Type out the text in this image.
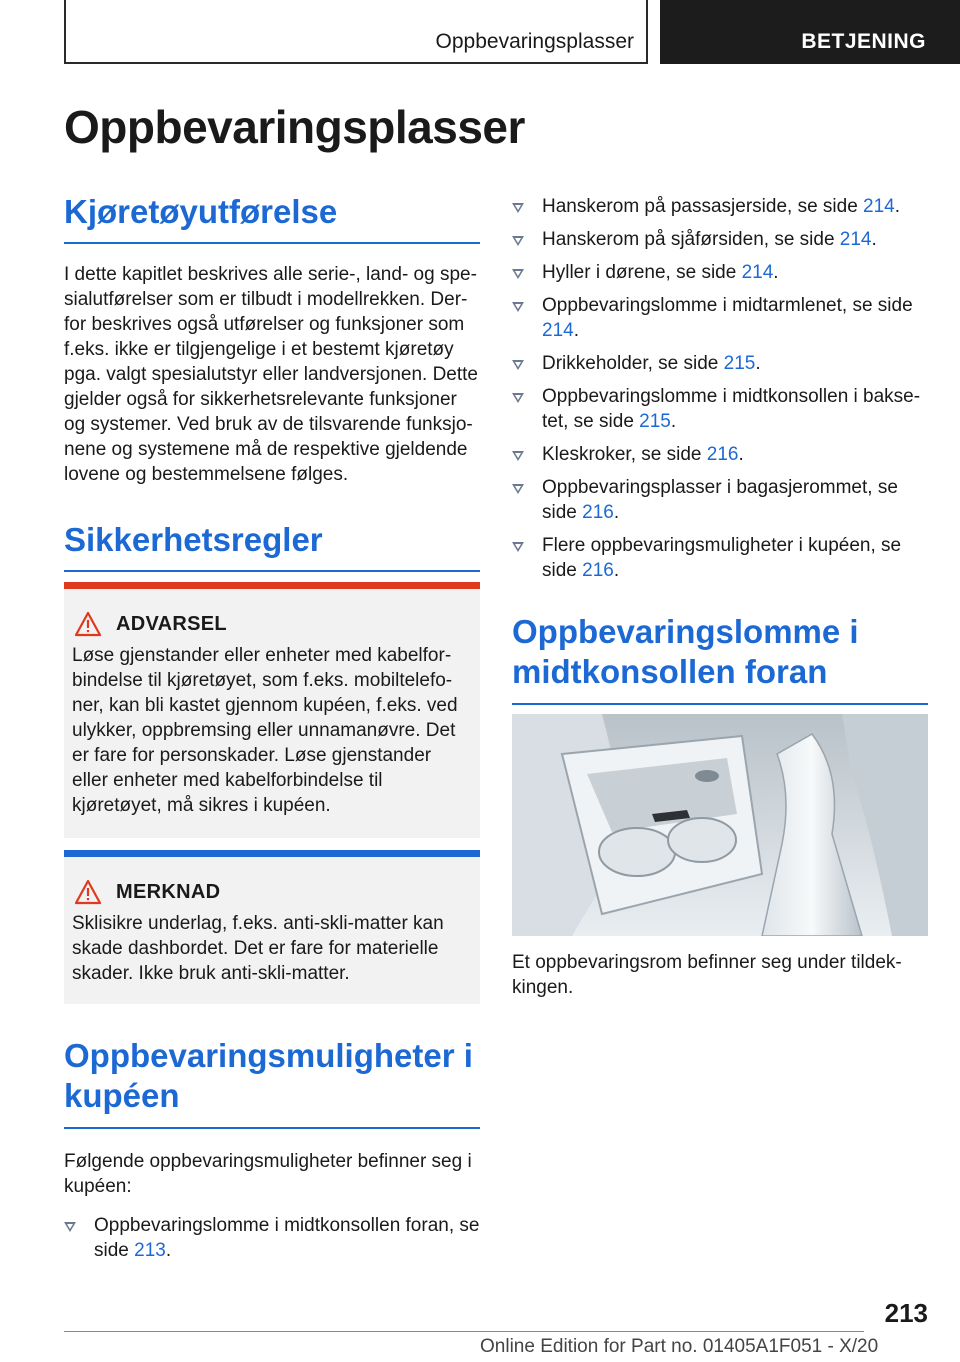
Oppbevaringsplasser	BETJENING
Oppbevaringsplasser
Kjøretøyutførelse

I dette kapitlet beskrives alle serie-, land- og spe-sialutførelser som er tilbudt i modellrekken. Der-for beskrives også utførelser og funksjoner som f.eks. ikke er tilgjengelige i et bestemt kjøretøy pga. valgt spesialutstyr eller landversjonen. Dette gjelder også for sikkerhetsrelevante funksjoner og systemer. Ved bruk av de tilsvarende funksjo-nene og systemene må de respektive gjeldende lovene og bestemmelsene følges.

Sikkerhetsregler
ADVARSEL

Løse gjenstander eller enheter med kabelfor-bindelse til kjøretøyet, som f.eks. mobiltelefo-ner, kan bli kastet gjennom kupéen, f.eks. ved ulykker, oppbremsing eller unnamanøvre. Det er fare for personskader. Løse gjenstander eller enheter med kabelforbindelse til kjøretøyet, må sikres i kupéen.

MERKNAD

Sklisikre underlag, f.eks. anti-skli-matter kan skade dashbordet. Det er fare for materielle skader. Ikke bruk anti-skli-matter.

Oppbevaringsmuligheter i kupéen

Følgende oppbevaringsmuligheter befinner seg i kupéen:

Oppbevaringslomme i midtkonsollen foran, se side 213.
Hanskerom på passasjerside, se side 214.
Hanskerom på sjåførsiden, se side 214.
Hyller i dørene, se side 214.
Oppbevaringslomme i midtarmlenet, se side 214.
Drikkeholder, se side 215.
Oppbevaringslomme i midtkonsollen i bakse-tet, se side 215.
Kleskroker, se side 216.
Oppbevaringsplasser i bagasjerommet, se side 216.
Flere oppbevaringsmuligheter i kupéen, se side 216.
Oppbevaringslomme i midtkonsollen foran

Et oppbevaringsrom befinner seg under tildek-kingen.

213
Online Edition for Part no. 01405A1F051 - X/20
